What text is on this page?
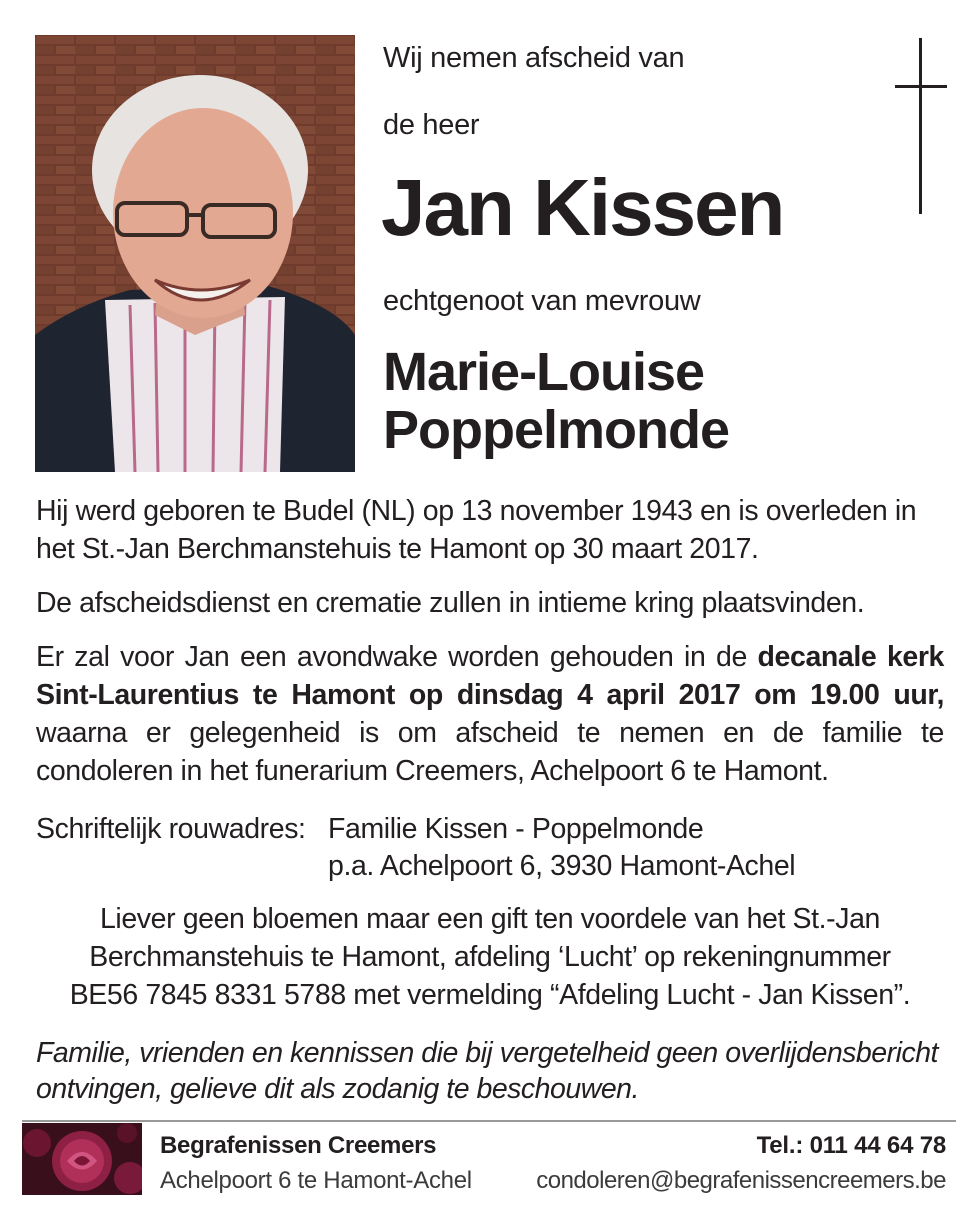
Wij nemen afscheid van
de heer
Jan Kissen
echtgenoot van mevrouw
Marie-Louise
Poppelmonde
Hij werd geboren te Budel (NL) op 13 november 1943 en is overleden in het St.-Jan Berchmanstehuis te Hamont op 30 maart 2017.
De afscheidsdienst en crematie zullen in intieme kring plaatsvinden.
Er zal voor Jan een avondwake worden gehouden in de decanale kerk Sint-Laurentius te Hamont op dinsdag 4 april 2017 om 19.00 uur, waarna er gelegenheid is om afscheid te nemen en de familie te condoleren in het funerarium Creemers, Achelpoort 6 te Hamont.
Schriftelijk rouwadres: Familie Kissen - Poppelmonde
p.a. Achelpoort 6, 3930 Hamont-Achel
Liever geen bloemen maar een gift ten voordele van het St.-Jan
Berchmanstehuis te Hamont, afdeling ‘Lucht’ op rekeningnummer
BE56 7845 8331 5788 met vermelding “Afdeling Lucht - Jan Kissen”.
Familie, vrienden en kennissen die bij vergetelheid geen overlijdensbericht ontvingen, gelieve dit als zodanig te beschouwen.
Begrafenissen Creemers
Achelpoort 6 te Hamont-Achel
Tel.: 011 44 64 78
condoleren@begrafenissencreemers.be
